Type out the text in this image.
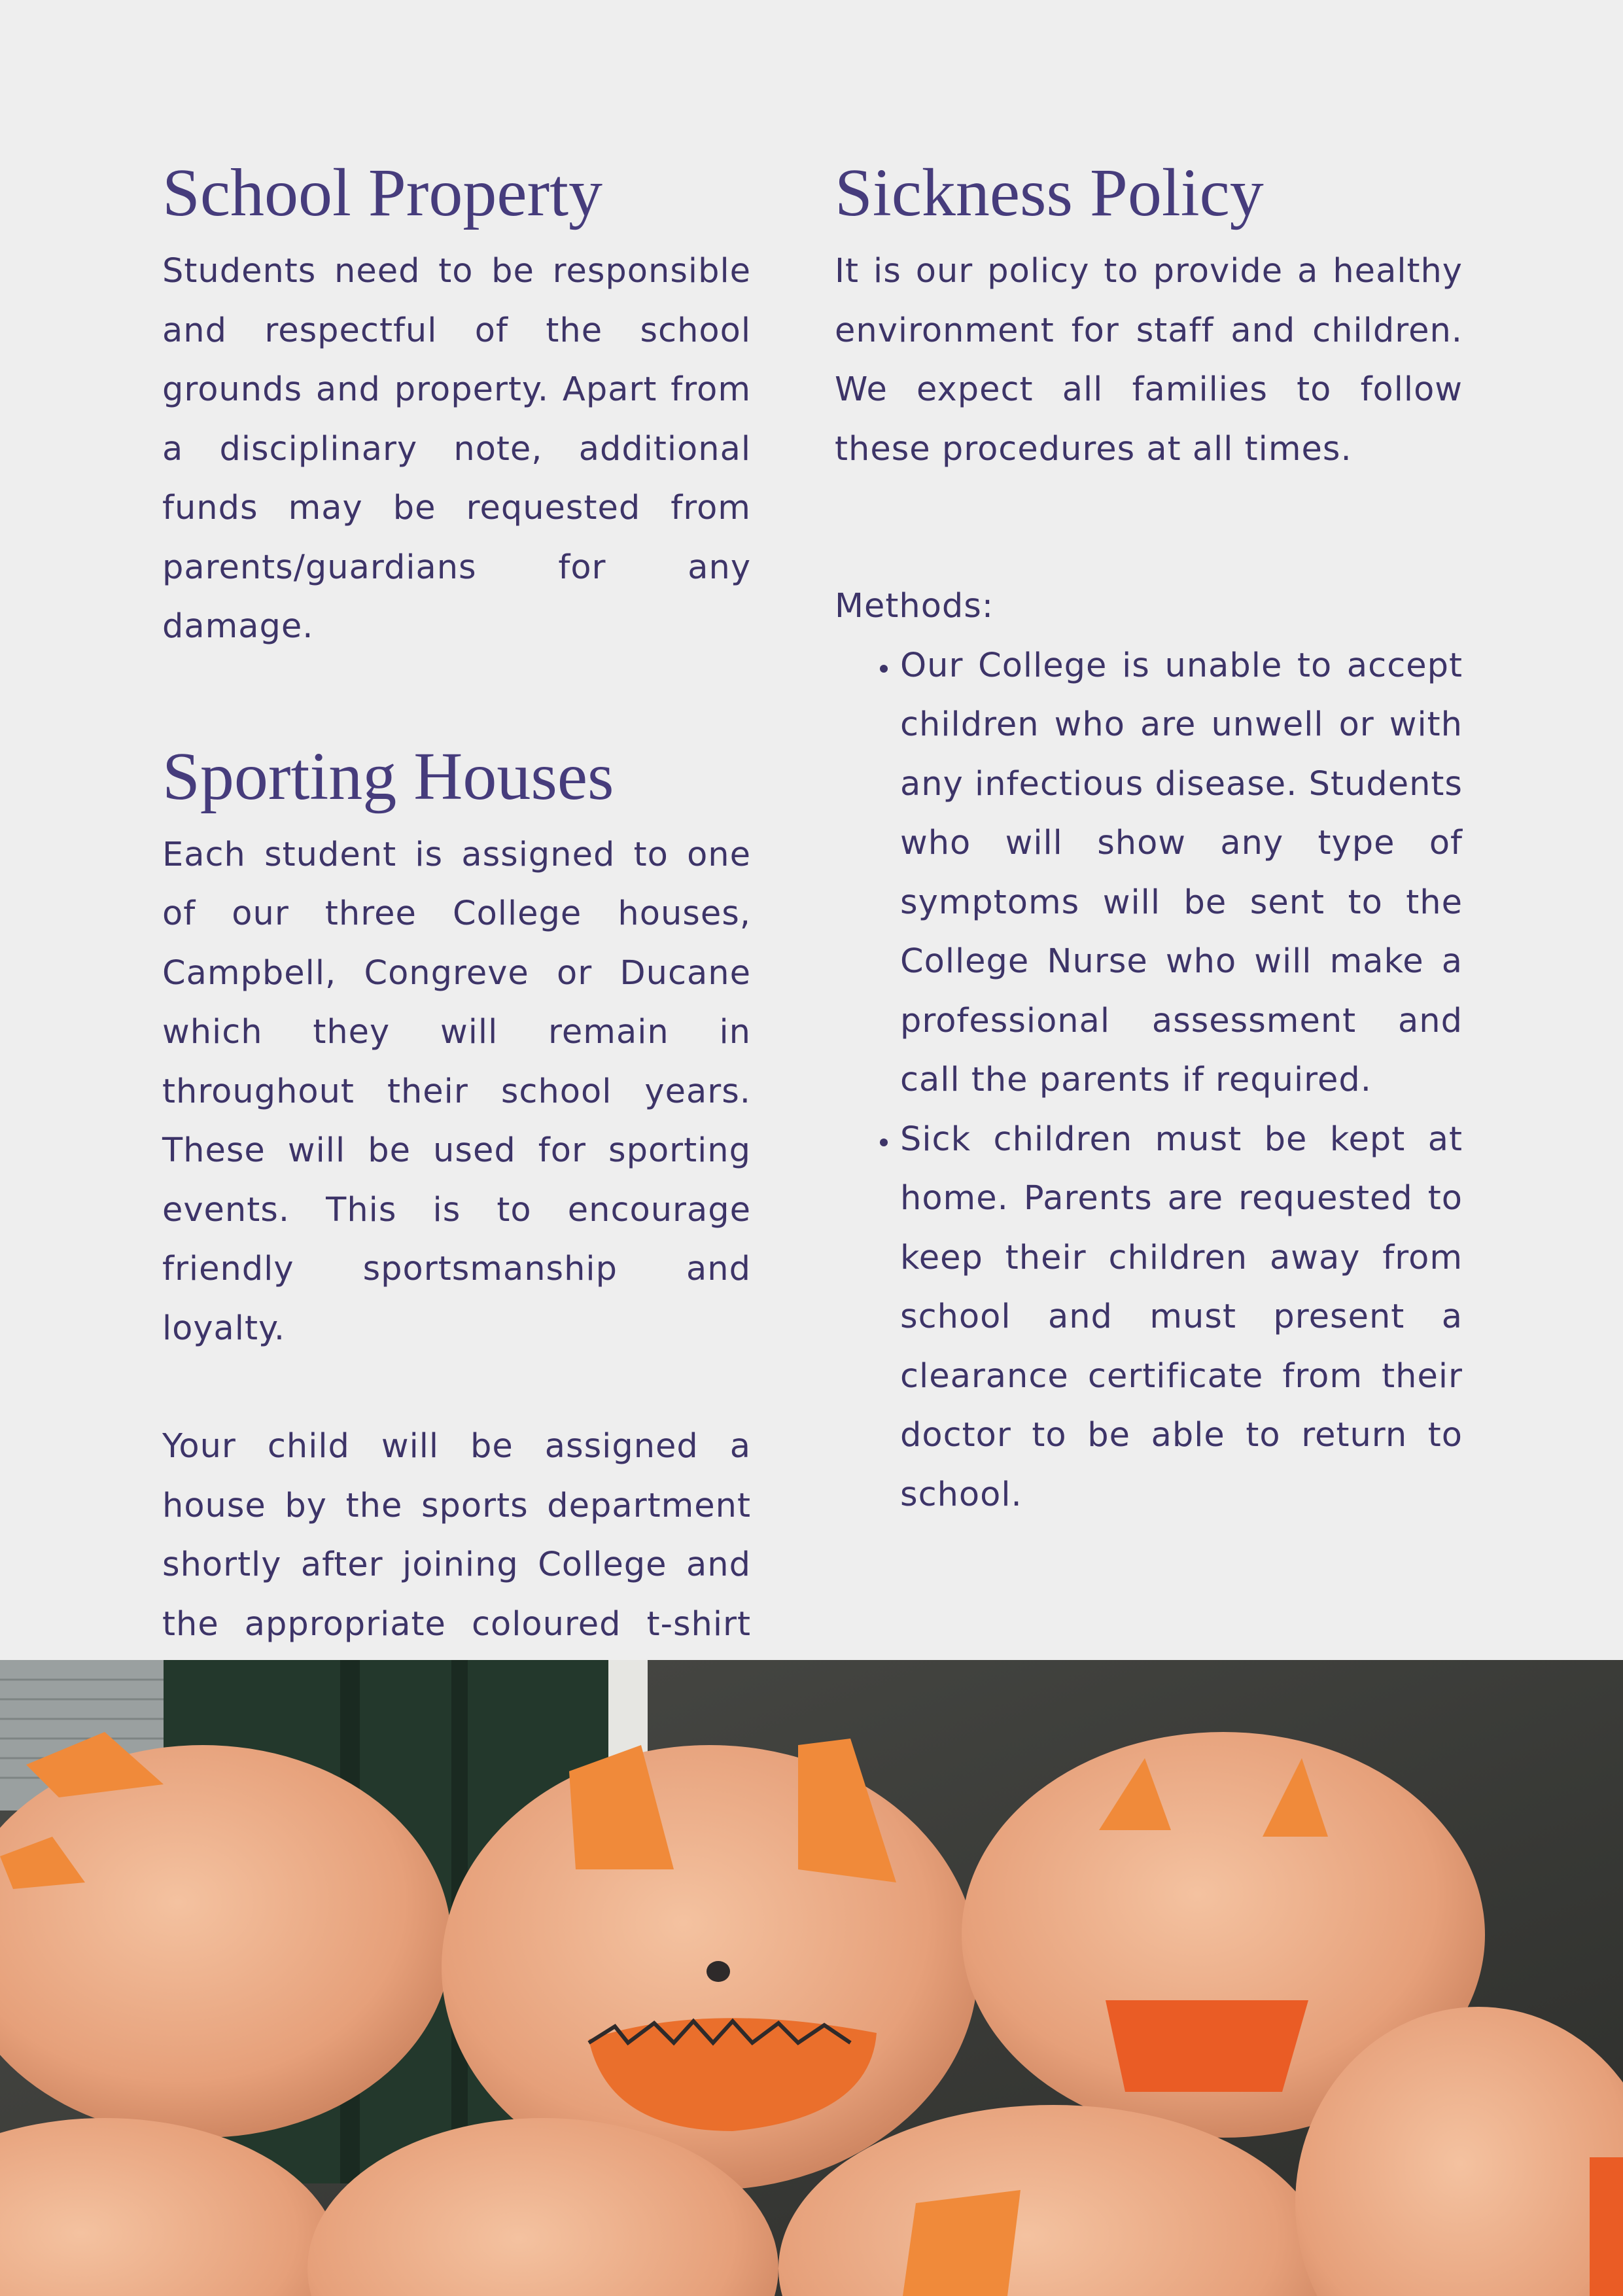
School Property

Students need to be responsible and respectful of the school grounds and property. Apart from a disciplinary note, additional funds may be requested from parents/guardians for any damage.

Sporting Houses

Each student is assigned to one of our three College houses, Campbell, Congreve or Ducane which they will remain in throughout their school years. These will be used for sporting events. This is to encourage friendly sportsmanship and loyalty.

Your child will be assigned a house by the sports department shortly after joining College and the appropriate coloured t-shirt

Sickness Policy

It is our policy to provide a healthy environment for staff and children. We expect all families to follow these procedures at all times.

Methods:
• Our College is unable to accept children who are unwell or with any infectious disease. Students who will show any type of symptoms will be sent to the College Nurse who will make a professional assessment and call the parents if required.
• Sick children must be kept at home. Parents are requested to keep their children away from school and must present a clearance certificate from their doctor to be able to return to school.
